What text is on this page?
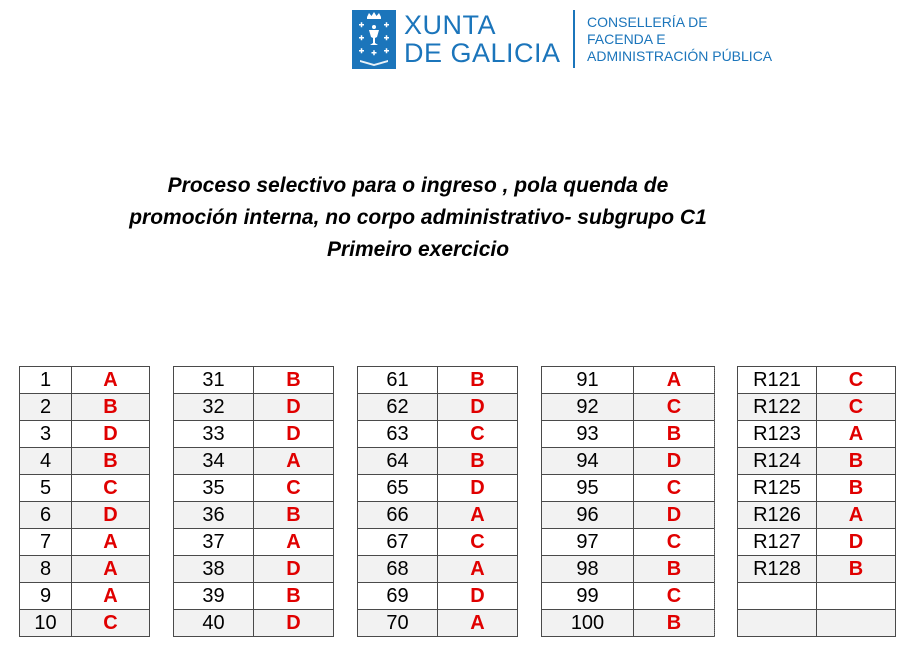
XUNTA
DE GALICIA
CONSELLERÍA DE
FACENDA E
ADMINISTRACIÓN PÚBLICA
Proceso selectivo para o ingreso , pola quenda de
promoción interna, no corpo administrativo- subgrupo C1
Primeiro exercicio
1	A
2	B
3	D
4	B
5	C
6	D
7	A
8	A
9	A
10	C
31	B
32	D
33	D
34	A
35	C
36	B
37	A
38	D
39	B
40	D
61	B
62	D
63	C
64	B
65	D
66	A
67	C
68	A
69	D
70	A
91	A
92	C
93	B
94	D
95	C
96	D
97	C
98	B
99	C
100	B
R121	C
R122	C
R123	A
R124	B
R125	B
R126	A
R127	D
R128	B
